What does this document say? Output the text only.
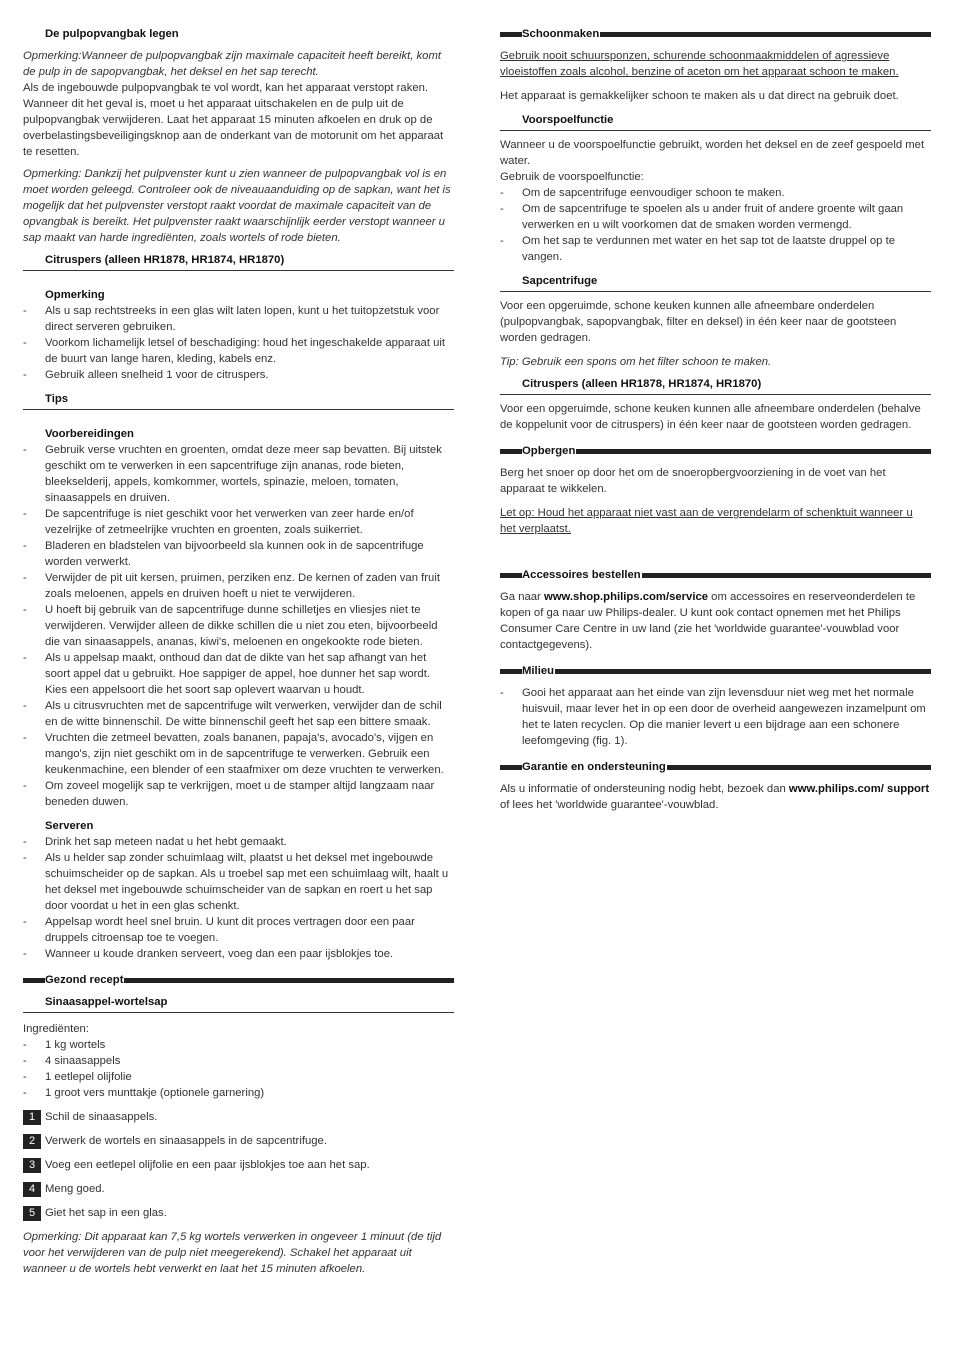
De pulpopvangbak legen

Opmerking:Wanneer de pulpopvangbak zijn maximale capaciteit heeft bereikt, komt de pulp in de sapopvangbak, het deksel en het sap terecht.

Als de ingebouwde pulpopvangbak te vol wordt, kan het apparaat verstopt raken. Wanneer dit het geval is, moet u het apparaat uitschakelen en de pulp uit de pulpopvangbak verwijderen. Laat het apparaat 15 minuten afkoelen en druk op de overbelastingsbeveiligingsknop aan de onderkant van de motorunit om het apparaat te resetten.

Opmerking: Dankzij het pulpvenster kunt u zien wanneer de pulpopvangbak vol is en moet worden geleegd. Controleer ook de niveauaanduiding op de sapkan, want het is mogelijk dat het pulpvenster verstopt raakt voordat de maximale capaciteit van de opvangbak is bereikt. Het pulpvenster raakt waarschijnlijk eerder verstopt wanneer u sap maakt van harde ingrediënten, zoals wortels of rode bieten.

Citruspers (alleen HR1878, HR1874, HR1870)

Opmerking

- Als u sap rechtstreeks in een glas wilt laten lopen, kunt u het tuitopzetstuk voor direct serveren gebruiken.
- Voorkom lichamelijk letsel of beschadiging: houd het ingeschakelde apparaat uit de buurt van lange haren, kleding, kabels enz.
- Gebruik alleen snelheid 1 voor de citruspers.

Tips

Voorbereidingen

- Gebruik verse vruchten en groenten, omdat deze meer sap bevatten. Bij uitstek geschikt om te verwerken in een sapcentrifuge zijn ananas, rode bieten, bleekselderij, appels, komkommer, wortels, spinazie, meloen, tomaten, sinaasappels en druiven.
- De sapcentrifuge is niet geschikt voor het verwerken van zeer harde en/of vezelrijke of zetmeelrijke vruchten en groenten, zoals suikerriet.
- Bladeren en bladstelen van bijvoorbeeld sla kunnen ook in de sapcentrifuge worden verwerkt.
- Verwijder de pit uit kersen, pruimen, perziken enz. De kernen of zaden van fruit zoals meloenen, appels en druiven hoeft u niet te verwijderen.
- U hoeft bij gebruik van de sapcentrifuge dunne schilletjes en vliesjes niet te verwijderen. Verwijder alleen de dikke schillen die u niet zou eten, bijvoorbeeld die van sinaasappels, ananas, kiwi's, meloenen en ongekookte rode bieten.
- Als u appelsap maakt, onthoud dan dat de dikte van het sap afhangt van het soort appel dat u gebruikt. Hoe sappiger de appel, hoe dunner het sap wordt. Kies een appelsoort die het soort sap oplevert waarvan u houdt.
- Als u citrusvruchten met de sapcentrifuge wilt verwerken, verwijder dan de schil en de witte binnenschil. De witte binnenschil geeft het sap een bittere smaak.
- Vruchten die zetmeel bevatten, zoals bananen, papaja's, avocado's, vijgen en mango's, zijn niet geschikt om in de sapcentrifuge te verwerken. Gebruik een keukenmachine, een blender of een staafmixer om deze vruchten te verwerken.
- Om zoveel mogelijk sap te verkrijgen, moet u de stamper altijd langzaam naar beneden duwen.

Serveren

- Drink het sap meteen nadat u het hebt gemaakt.
- Als u helder sap zonder schuimlaag wilt, plaatst u het deksel met ingebouwde schuimscheider op de sapkan. Als u troebel sap met een schuimlaag wilt, haalt u het deksel met ingebouwde schuimscheider van de sapkan en roert u het sap door voordat u het in een glas schenkt.
- Appelsap wordt heel snel bruin. U kunt dit proces vertragen door een paar druppels citroensap toe te voegen.
- Wanneer u koude dranken serveert, voeg dan een paar ijsblokjes toe.
Gezond recept

Sinaasappel-wortelsap

Ingrediënten:

- 1 kg wortels
- 4 sinaasappels
- 1 eetlepel olijfolie
- 1 groot vers munttakje (optionele garnering)
1 Schil de sinaasappels.
2 Verwerk de wortels en sinaasappels in de sapcentrifuge.
3 Voeg een eetlepel olijfolie en een paar ijsblokjes toe aan het sap.
4 Meng goed.
5 Giet het sap in een glas.

Opmerking: Dit apparaat kan 7,5 kg wortels verwerken in ongeveer 1 minuut (de tijd voor het verwijderen van de pulp niet meegerekend). Schakel het apparaat uit wanneer u de wortels hebt verwerkt en laat het 15 minuten afkoelen.

Schoonmaken

Gebruik nooit schuursponzen, schurende schoonmaakmiddelen of agressieve vloeistoffen zoals alcohol, benzine of aceton om het apparaat schoon te maken.

Het apparaat is gemakkelijker schoon te maken als u dat direct na gebruik doet.

Voorspoelfunctie

Wanneer u de voorspoelfunctie gebruikt, worden het deksel en de zeef gespoeld met water.

Gebruik de voorspoelfunctie:

- Om de sapcentrifuge eenvoudiger schoon te maken.
- Om de sapcentrifuge te spoelen als u ander fruit of andere groente wilt gaan verwerken en u wilt voorkomen dat de smaken worden vermengd.
- Om het sap te verdunnen met water en het sap tot de laatste druppel op te vangen.

Sapcentrifuge

Voor een opgeruimde, schone keuken kunnen alle afneembare onderdelen (pulpopvangbak, sapopvangbak, filter en deksel) in één keer naar de gootsteen worden gedragen.

Tip: Gebruik een spons om het filter schoon te maken.

Citruspers (alleen HR1878, HR1874, HR1870)

Voor een opgeruimde, schone keuken kunnen alle afneembare onderdelen (behalve de koppelunit voor de citruspers) in één keer naar de gootsteen worden gedragen.

Opbergen

Berg het snoer op door het om de snoeropbergvoorziening in de voet van het apparaat te wikkelen.

Let op: Houd het apparaat niet vast aan de vergrendelarm of schenktuit wanneer u het verplaatst.

Accessoires bestellen

Ga naar www.shop.philips.com/service om accessoires en reserveonderdelen te kopen of ga naar uw Philips-dealer. U kunt ook contact opnemen met het Philips Consumer Care Centre in uw land (zie het 'worldwide guarantee'-vouwblad voor contactgegevens).

Milieu
- Gooi het apparaat aan het einde van zijn levensduur niet weg met het normale huisvuil, maar lever het in op een door de overheid aangewezen inzamelpunt om het te laten recyclen. Op die manier levert u een bijdrage aan een schonere leefomgeving (fig. 1).
Garantie en ondersteuning

Als u informatie of ondersteuning nodig hebt, bezoek dan www.philips.com/ support of lees het 'worldwide guarantee'-vouwblad.
